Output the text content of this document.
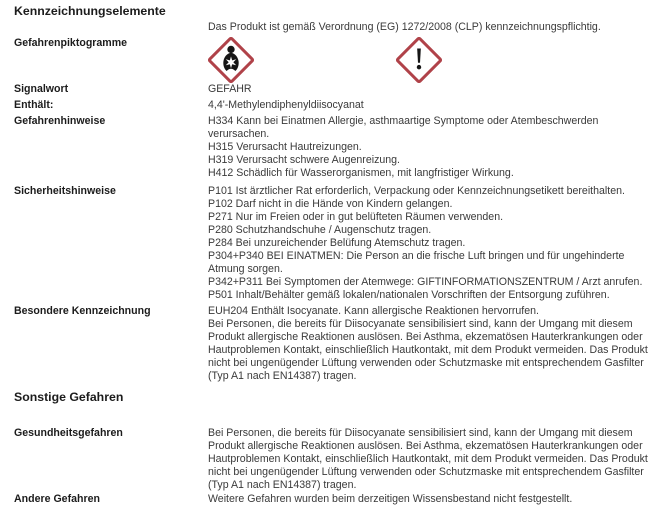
Kennzeichnungselemente
Das Produkt ist gemäß Verordnung (EG) 1272/2008 (CLP) kennzeichnungspflichtig.
Gefahrenpiktogramme
Signalwort	GEFAHR
Enthält:	4,4'-Methylendiphenyldiisocyanat
Gefahrenhinweise	H334 Kann bei Einatmen Allergie, asthmaartige Symptome oder Atembeschwerden verursachen.
H315 Verursacht Hautreizungen.
H319 Verursacht schwere Augenreizung.
H412 Schädlich für Wasserorganismen, mit langfristiger Wirkung.
Sicherheitshinweise	P101 Ist ärztlicher Rat erforderlich, Verpackung oder Kennzeichnungsetikett bereithalten.
P102 Darf nicht in die Hände von Kindern gelangen.
P271 Nur im Freien oder in gut belüfteten Räumen verwenden.
P280 Schutzhandschuhe / Augenschutz tragen.
P284 Bei unzureichender Belüfung Atemschutz tragen.
P304+P340 BEI EINATMEN: Die Person an die frische Luft bringen und für ungehinderte Atmung sorgen.
P342+P311 Bei Symptomen der Atemwege: GIFTINFORMATIONSZENTRUM / Arzt anrufen.
P501 Inhalt/Behälter gemäß lokalen/nationalen Vorschriften der Entsorgung zuführen.
Besondere Kennzeichnung	EUH204 Enthält Isocyanate. Kann allergische Reaktionen hervorrufen.
Bei Personen, die bereits für Diisocyanate sensibilisiert sind, kann der Umgang mit diesem Produkt allergische Reaktionen auslösen. Bei Asthma, ekzematösen Hauterkrankungen oder Hautproblemen Kontakt, einschließlich Hautkontakt, mit dem Produkt vermeiden. Das Produkt nicht bei ungenügender Lüftung verwenden oder Schutzmaske mit entsprechendem Gasfilter (Typ A1 nach EN14387) tragen.
Sonstige Gefahren
Gesundheitsgefahren	Bei Personen, die bereits für Diisocyanate sensibilisiert sind, kann der Umgang mit diesem Produkt allergische Reaktionen auslösen. Bei Asthma, ekzematösen Hauterkrankungen oder Hautproblemen Kontakt, einschließlich Hautkontakt, mit dem Produkt vermeiden. Das Produkt nicht bei ungenügender Lüftung verwenden oder Schutzmaske mit entsprechendem Gasfilter (Typ A1 nach EN14387) tragen.
Andere Gefahren	Weitere Gefahren wurden beim derzeitigen Wissensbestand nicht festgestellt.
